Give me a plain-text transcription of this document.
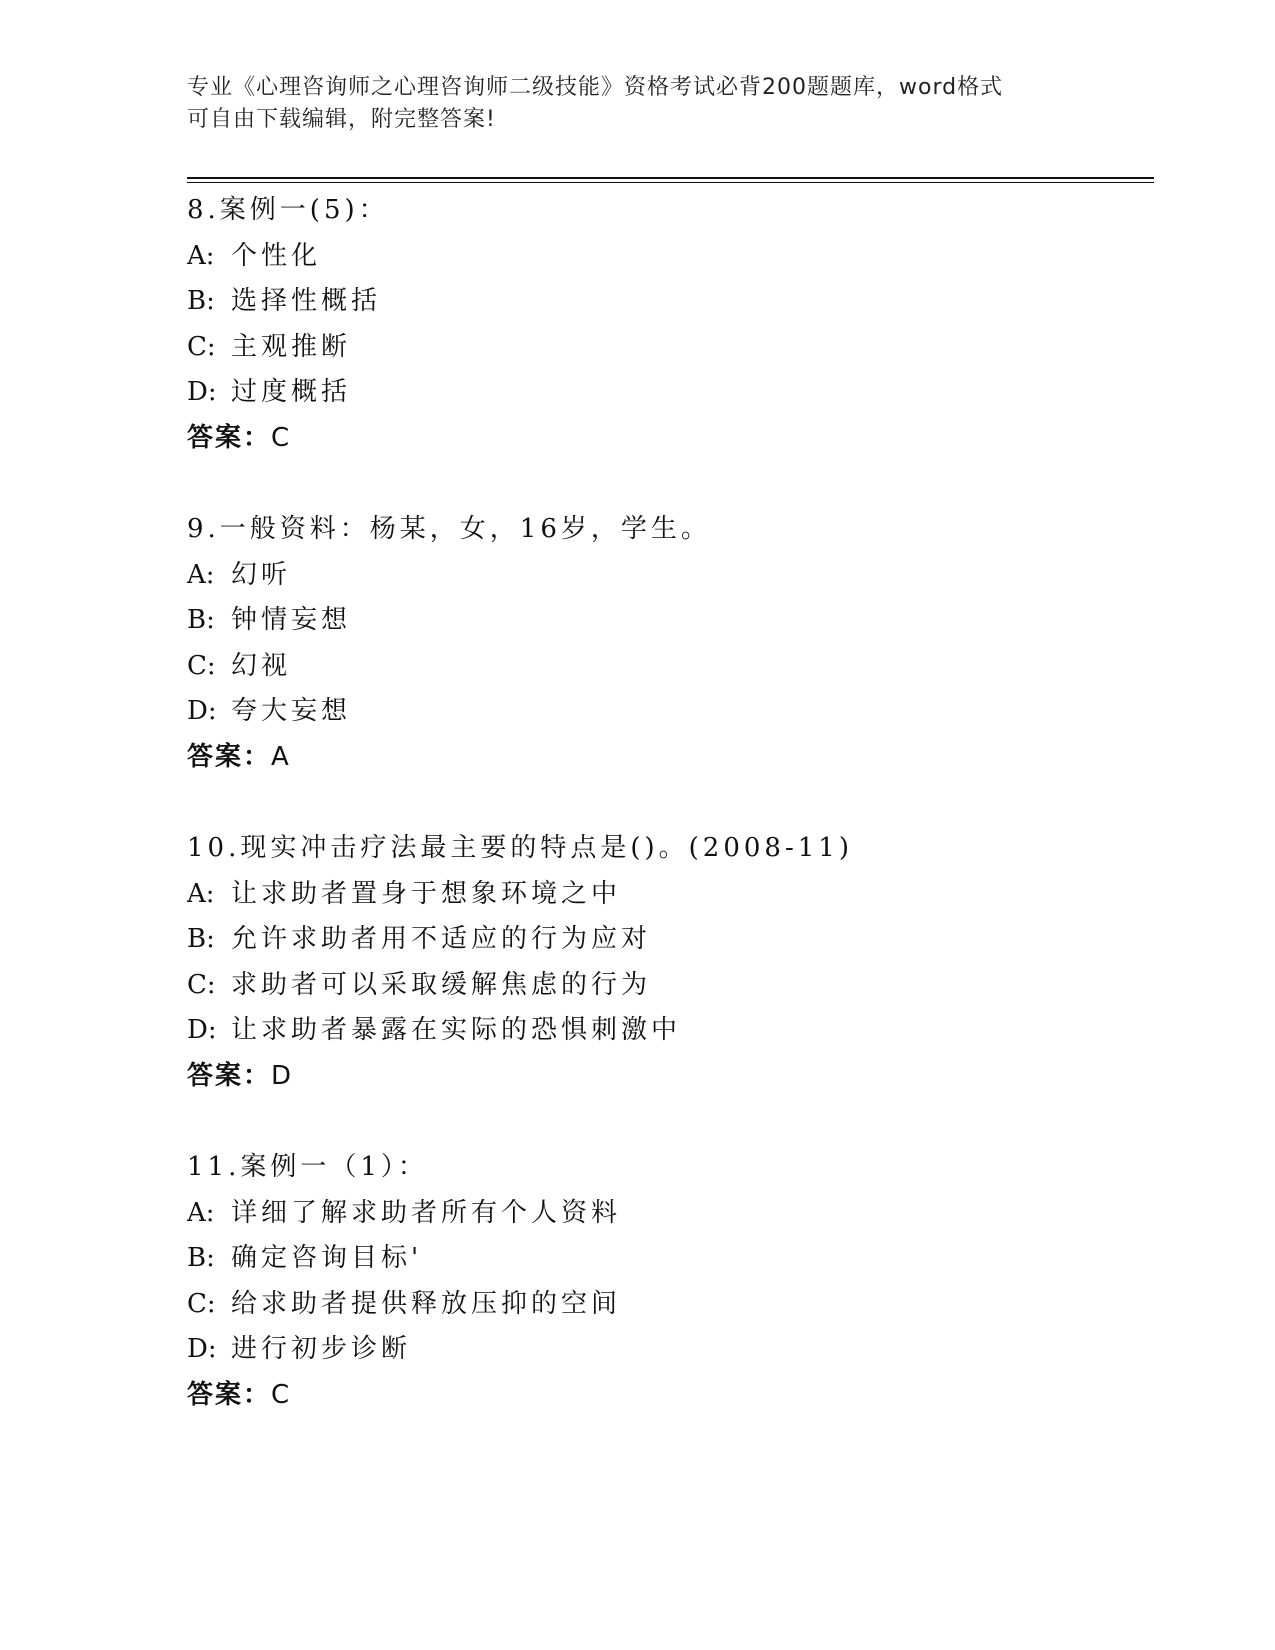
专业《心理咨询师之心理咨询师二级技能》资格考试必背200题题库，word格式
可自由下载编辑，附完整答案!
8.案例一(5)：
A: 个性化
B: 选择性概括
C: 主观推断
D: 过度概括
答案：C
9.一般资料：杨某，女，16岁，学生。
A: 幻听
B: 钟情妄想
C: 幻视
D: 夸大妄想
答案：A
10.现实冲击疗法最主要的特点是()。(2008-11)
A: 让求助者置身于想象环境之中
B: 允许求助者用不适应的行为应对
C: 求助者可以采取缓解焦虑的行为
D: 让求助者暴露在实际的恐惧刺激中
答案：D
11.案例一（1）：
A: 详细了解求助者所有个人资料
B: 确定咨询目标'
C: 给求助者提供释放压抑的空间
D: 进行初步诊断
答案：C
